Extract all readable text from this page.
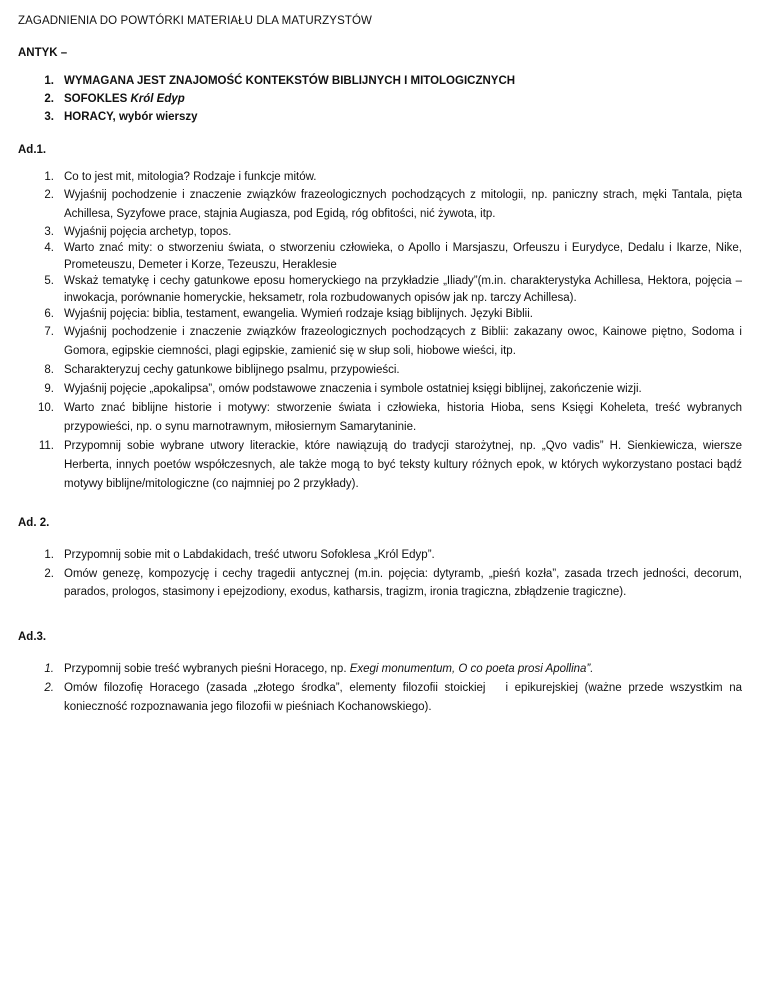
ZAGADNIENIA DO POWTÓRKI MATERIAŁU DLA MATURZYSTÓW
ANTYK –
1. WYMAGANA JEST ZNAJOMOŚĆ KONTEKSTÓW BIBLIJNYCH I MITOLOGICZNYCH
2. SOFOKLES Król Edyp
3. HORACY, wybór wierszy
Ad.1.
1. Co to jest mit, mitologia? Rodzaje i funkcje mitów.
2. Wyjaśnij pochodzenie i znaczenie związków frazeologicznych pochodzących z mitologii, np. paniczny strach, męki Tantala, pięta Achillesa, Syzyfowe prace, stajnia Augiasza, pod Egidą, róg obfitości, nić żywota, itp.
3. Wyjaśnij pojęcia archetyp, topos.
4. Warto znać mity: o stworzeniu świata, o stworzeniu człowieka, o Apollo i Marsjaszu, Orfeuszu i Eurydyce, Dedalu i Ikarze, Nike, Prometeuszu, Demeter i Korze, Tezeuszu, Heraklesie
5. Wskaż tematykę i cechy gatunkowe eposu homeryckiego na przykładzie „Iliady”(m.in. charakterystyka Achillesa, Hektora, pojęcia – inwokacja, porównanie homeryckie, heksametr, rola rozbudowanych opisów jak np. tarczy Achillesa).
6. Wyjaśnij pojęcia: biblia, testament, ewangelia. Wymień rodzaje ksiąg biblijnych. Języki Biblii.
7. Wyjaśnij pochodzenie i znaczenie związków frazeologicznych pochodzących z Biblii: zakazany owoc, Kainowe piętno, Sodoma i Gomora, egipskie ciemności, plagi egipskie, zamienić się w słup soli, hiobowe wieści, itp.
8. Scharakteryzuj cechy gatunkowe biblijnego psalmu, przypowieści.
9. Wyjaśnij pojęcie „apokalipsa”, omów podstawowe znaczenia i symbole ostatniej księgi biblijnej, zakończenie wizji.
10. Warto znać biblijne historie i motywy: stworzenie świata i człowieka, historia Hioba, sens Księgi Koheleta, treść wybranych przypowieści, np. o synu marnotrawnym, miłosiernym Samarytaninie.
11. Przypomnij sobie wybrane utwory literackie, które nawiązują do tradycji starożytnej, np. „Qvo vadis” H. Sienkiewicza, wiersze Herberta, innych poetów współczesnych, ale także mogą to być teksty kultury różnych epok, w których wykorzystano postaci bądź motywy biblijne/mitologiczne (co najmniej po 2 przykłady).
Ad. 2.
1. Przypomnij sobie mit o Labdakidach, treść utworu Sofoklesa „Król Edyp”.
2. Omów genezę, kompozycję i cechy tragedii antycznej (m.in. pojęcia: dytyramb, „pieśń kozła”, zasada trzech jedności, decorum, parados, prologos, stasimony i epejzodiony, exodus, katharsis, tragizm, ironia tragiczna, zbłądzenie tragiczne).
Ad.3.
1. Przypomnij sobie treść wybranych pieśni Horacego, np. Exegi monumentum, O co poeta prosi Apollina”.
2. Omów filozofię Horacego (zasada „złotego środka”, elementy filozofii stoickiej   i epikurejskiej (ważne przede wszystkim na konieczność rozpoznawania jego filozofii w pieśniach Kochanowskiego).
